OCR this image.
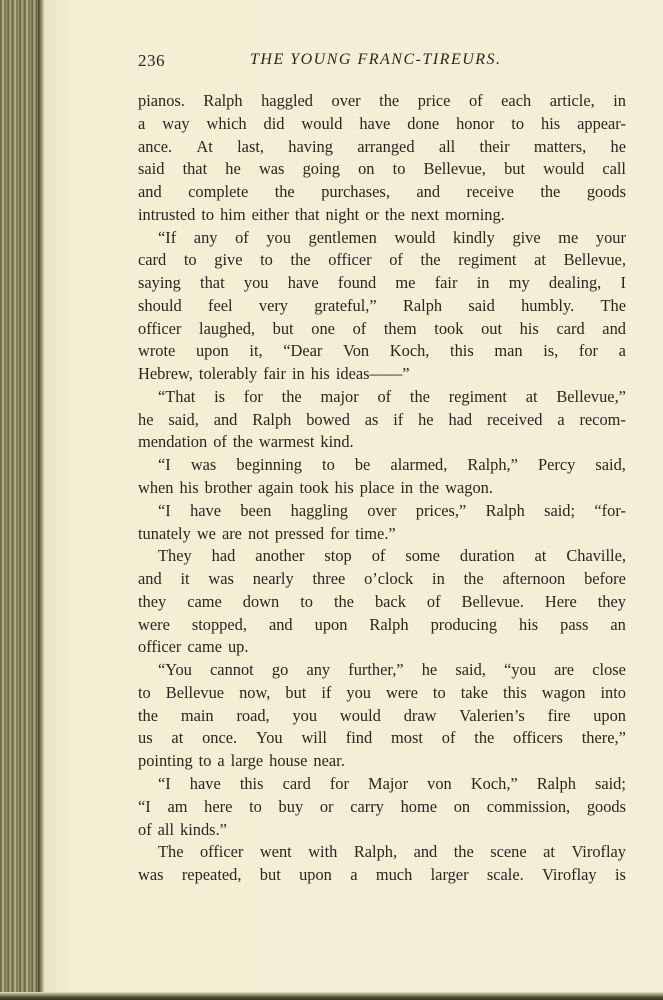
236	THE YOUNG FRANC-TIREURS.
pianos. Ralph haggled over the price of each article, in
a way which did would have done honor to his appear-
ance. At last, having arranged all their matters, he
said that he was going on to Bellevue, but would call
and complete the purchases, and receive the goods
intrusted to him either that night or the next morning.
“If any of you gentlemen would kindly give me your
card to give to the officer of the regiment at Bellevue,
saying that you have found me fair in my dealing, I
should feel very grateful,” Ralph said humbly. The
officer laughed, but one of them took out his card and
wrote upon it, “Dear Von Koch, this man is, for a
Hebrew, tolerably fair in his ideas——”
“That is for the major of the regiment at Bellevue,”
he said, and Ralph bowed as if he had received a recom-
mendation of the warmest kind.
“I was beginning to be alarmed, Ralph,” Percy said,
when his brother again took his place in the wagon.
“I have been haggling over prices,” Ralph said; “for-
tunately we are not pressed for time.”
They had another stop of some duration at Chaville,
and it was nearly three o’clock in the afternoon before
they came down to the back of Bellevue. Here they
were stopped, and upon Ralph producing his pass an
officer came up.
“You cannot go any further,” he said, “you are close
to Bellevue now, but if you were to take this wagon into
the main road, you would draw Valerien’s fire upon
us at once. You will find most of the officers there,”
pointing to a large house near.
“I have this card for Major von Koch,” Ralph said;
“I am here to buy or carry home on commission, goods
of all kinds.”
The officer went with Ralph, and the scene at Viroflay
was repeated, but upon a much larger scale. Viroflay is
